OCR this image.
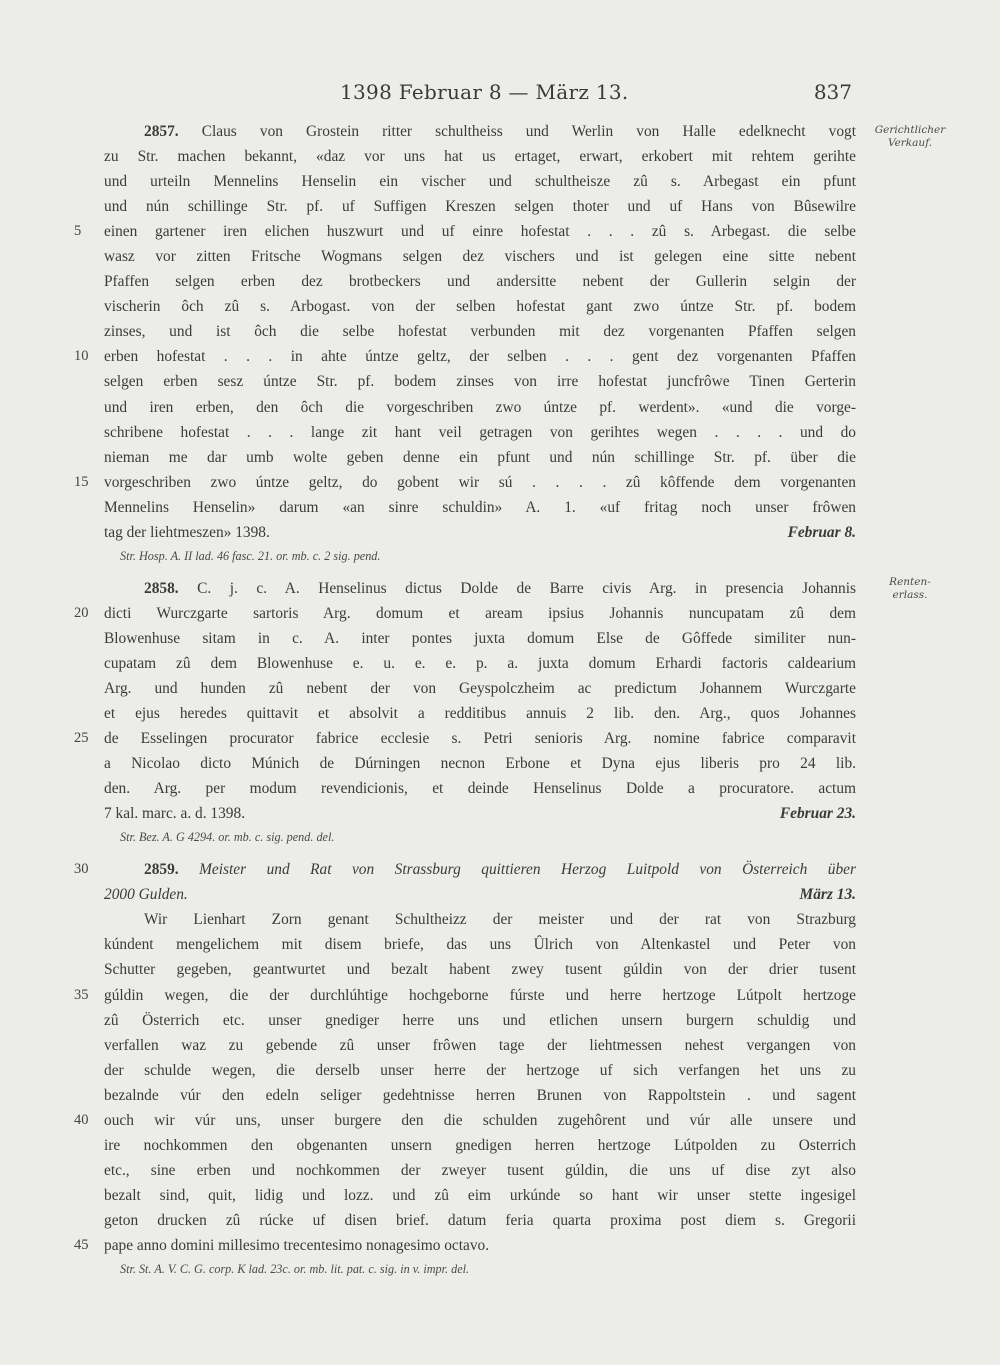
1398 Februar 8 — März 13.	837
Gerichtlicher
Verkauf.
Renten-
erlass.
2857. Claus von Grostein ritter schultheiss und Werlin von Halle edelknecht vogt
zu Str. machen bekannt, «daz vor uns hat us ertaget, erwart, erkobert mit rehtem gerihte
und urteiln Mennelins Henselin ein vischer und schultheisze zû s. Arbegast ein pfunt
und nún schillinge Str. pf. uf Suffigen Kreszen selgen thoter und uf Hans von Bûsewilre
5	einen gartener iren elichen huszwurt und uf einre hofestat . . . zû s. Arbegast. die selbe
wasz vor zitten Fritsche Wogmans selgen dez vischers und ist gelegen eine sitte nebent
Pfaffen selgen erben dez brotbeckers und andersitte nebent der Gullerin selgin der
vischerin ôch zû s. Arbogast. von der selben hofestat gant zwo úntze Str. pf. bodem
zinses, und ist ôch die selbe hofestat verbunden mit dez vorgenanten Pfaffen selgen
10	erben hofestat . . . in ahte úntze geltz, der selben . . . gent dez vorgenanten Pfaffen
selgen erben sesz úntze Str. pf. bodem zinses von irre hofestat juncfrôwe Tinen Gerterin
und iren erben, den ôch die vorgeschriben zwo úntze pf. werdent». «und die vorge-
schribene hofestat . . . lange zit hant veil getragen von gerihtes wegen . . . . und do
nieman me dar umb wolte geben denne ein pfunt und nún schillinge Str. pf. über die
15	vorgeschriben zwo úntze geltz, do gobent wir sú . . . . zû kôffende dem vorgenanten
Mennelins Henselin» darum «an sinre schuldin» A. 1. «uf fritag noch unser frôwen
tag der liehtmeszen» 1398.	Februar 8.
Str. Hosp. A. II lad. 46 fasc. 21. or. mb. c. 2 sig. pend.
2858. C. j. c. A. Henselinus dictus Dolde de Barre civis Arg. in presencia Johannis
20	dicti Wurczgarte sartoris Arg. domum et aream ipsius Johannis nuncupatam zû dem
Blowenhuse sitam in c. A. inter pontes juxta domum Else de Gôffede similiter nun-
cupatam zû dem Blowenhuse e. u. e. e. p. a. juxta domum Erhardi factoris caldearium
Arg. und hunden zû nebent der von Geyspolczheim ac predictum Johannem Wurczgarte
et ejus heredes quittavit et absolvit a redditibus annuis 2 lib. den. Arg., quos Johannes
25	de Esselingen procurator fabrice ecclesie s. Petri senioris Arg. nomine fabrice comparavit
a Nicolao dicto Múnich de Dúrningen necnon Erbone et Dyna ejus liberis pro 24 lib.
den. Arg. per modum revendicionis, et deinde Henselinus Dolde a procuratore. actum
7 kal. marc. a. d. 1398.	Februar 23.
Str. Bez. A. G 4294. or. mb. c. sig. pend. del.
30	2859. Meister und Rat von Strassburg quittieren Herzog Luitpold von Österreich über
2000 Gulden.	März 13.
Wir Lienhart Zorn genant Schultheizz der meister und der rat von Strazburg
kúndent mengelichem mit disem briefe, das uns Ûlrich von Altenkastel und Peter von
Schutter gegeben, geantwurtet und bezalt habent zwey tusent gúldin von der drier tusent
35	gúldin wegen, die der durchlúhtige hochgeborne fúrste und herre hertzoge Lútpolt hertzoge
zû Österrich etc. unser gnediger herre uns und etlichen unsern burgern schuldig und
verfallen waz zu gebende zû unser frôwen tage der liehtmessen nehest vergangen von
der schulde wegen, die derselb unser herre der hertzoge uf sich verfangen het uns zu
bezalnde vúr den edeln seliger gedehtnisse herren Brunen von Rappoltstein . und sagent
40	ouch wir vúr uns, unser burgere den die schulden zugehôrent und vúr alle unsere und
ire nochkommen den obgenanten unsern gnedigen herren hertzoge Lútpolden zu Osterrich
etc., sine erben und nochkommen der zweyer tusent gúldin, die uns uf dise zyt also
bezalt sind, quit, lidig und lozz. und zû eim urkúnde so hant wir unser stette ingesigel
geton drucken zû rúcke uf disen brief. datum feria quarta proxima post diem s. Gregorii
45	pape anno domini millesimo trecentesimo nonagesimo octavo.
Str. St. A. V. C. G. corp. K lad. 23c. or. mb. lit. pat. c. sig. in v. impr. del.
